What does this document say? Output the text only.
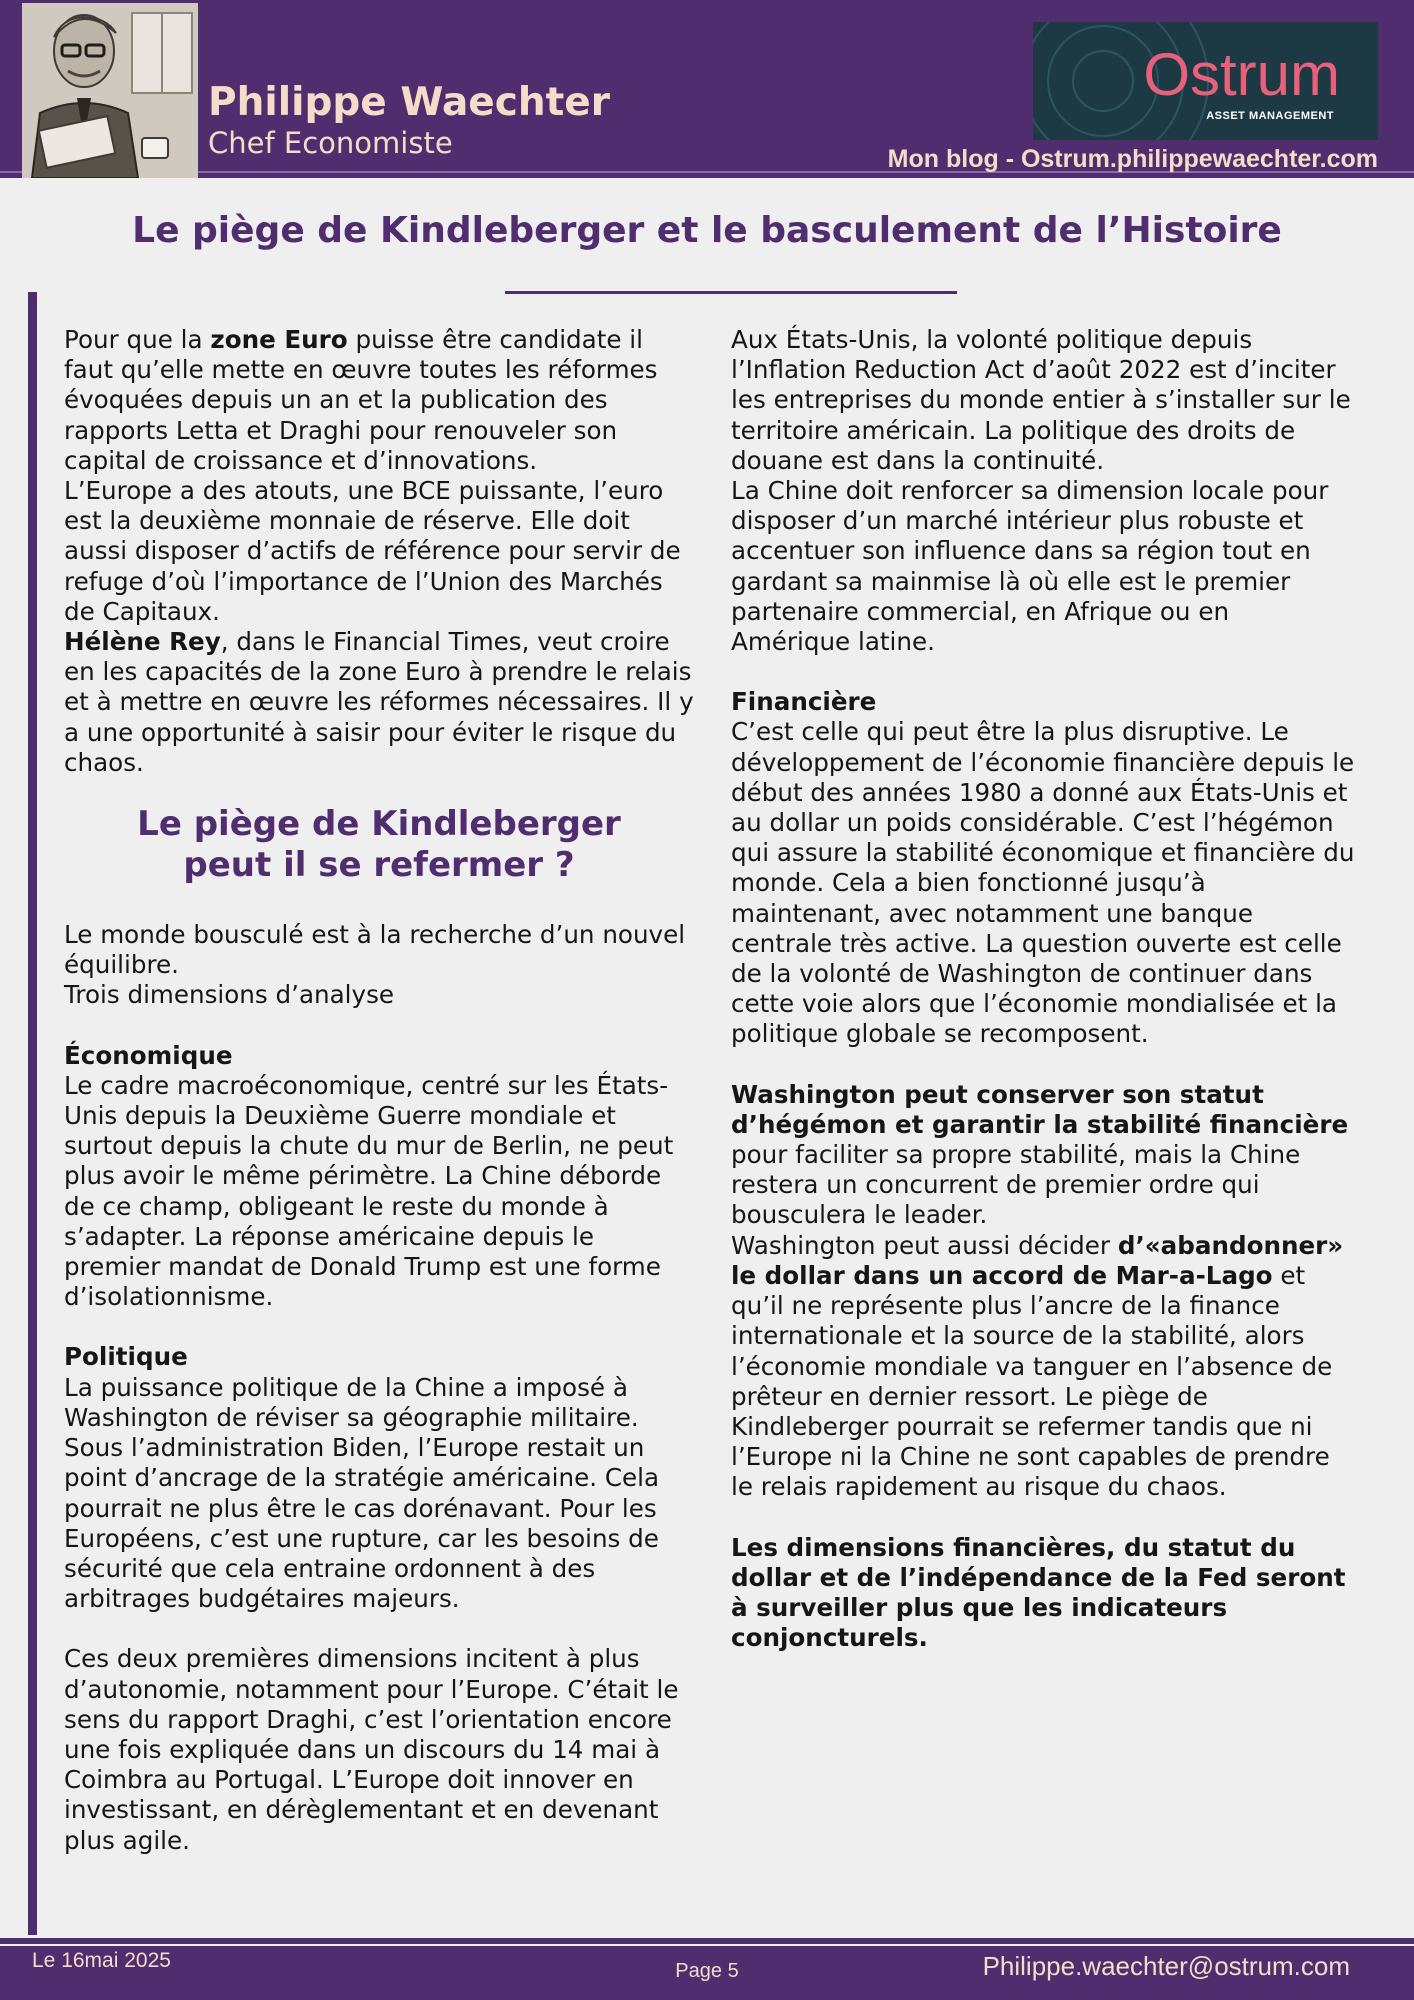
Philippe Waechter
Chef Economiste
Ostrum
ASSET MANAGEMENT
Mon blog - Ostrum.philippewaechter.com
Le piège de Kindleberger et le basculement de l’Histoire

Pour que la zone Euro puisse être candidate il faut qu’elle mette en œuvre toutes les réformes évoquées depuis un an et la publication des rapports Letta et Draghi pour renouveler son capital de croissance et d’innovations.

L’Europe a des atouts, une BCE puissante, l’euro est la deuxième monnaie de réserve. Elle doit aussi disposer d’actifs de référence pour servir de refuge d’où l’importance de l’Union des Marchés de Capitaux.

Hélène Rey, dans le Financial Times, veut croire en les capacités de la zone Euro à prendre le relais et à mettre en œuvre les réformes nécessaires. Il y a une opportunité à saisir pour éviter le risque du chaos.

Le piège de Kindleberger
peut il se refermer ?

Le monde bousculé est à la recherche d’un nouvel équilibre.

Trois dimensions d’analyse

Économique

Le cadre macroéconomique, centré sur les États-Unis depuis la Deuxième Guerre mondiale et surtout depuis la chute du mur de Berlin, ne peut plus avoir le même périmètre. La Chine déborde de ce champ, obligeant le reste du monde à s’adapter. La réponse américaine depuis le premier mandat de Donald Trump est une forme d’isolationnisme.

Politique

La puissance politique de la Chine a imposé à Washington de réviser sa géographie militaire. Sous l’administration Biden, l’Europe restait un point d’ancrage de la stratégie américaine. Cela pourrait ne plus être le cas dorénavant. Pour les Européens, c’est une rupture, car les besoins de sécurité que cela entraine ordonnent à des arbitrages budgétaires majeurs.

Ces deux premières dimensions incitent à plus d’autonomie, notamment pour l’Europe. C’était le sens du rapport Draghi, c’est l’orientation encore une fois expliquée dans un discours du 14 mai à Coimbra au Portugal. L’Europe doit innover en investissant, en dérèglementant et en devenant plus agile.

Aux États-Unis, la volonté politique depuis l’Inflation Reduction Act d’août 2022 est d’inciter les entreprises du monde entier à s’installer sur le territoire américain. La politique des droits de douane est dans la continuité.

La Chine doit renforcer sa dimension locale pour disposer d’un marché intérieur plus robuste et accentuer son influence dans sa région tout en gardant sa mainmise là où elle est le premier partenaire commercial, en Afrique ou en Amérique latine.

Financière

C’est celle qui peut être la plus disruptive. Le développement de l’économie financière depuis le début des années 1980 a donné aux États-Unis et au dollar un poids considérable. C’est l’hégémon qui assure la stabilité économique et financière du monde. Cela a bien fonctionné jusqu’à maintenant, avec notamment une banque centrale très active. La question ouverte est celle de la volonté de Washington de continuer dans cette voie alors que l’économie mondialisée et la politique globale se recomposent.

Washington peut conserver son statut d’hégémon et garantir la stabilité financière pour faciliter sa propre stabilité, mais la Chine restera un concurrent de premier ordre qui bousculera le leader.

Washington peut aussi décider d’«abandonner» le dollar dans un accord de Mar-a-Lago et qu’il ne représente plus l’ancre de la finance internationale et la source de la stabilité, alors l’économie mondiale va tanguer en l’absence de prêteur en dernier ressort. Le piège de Kindleberger pourrait se refermer tandis que ni l’Europe ni la Chine ne sont capables de prendre le relais rapidement au risque du chaos.

Les dimensions financières, du statut du dollar et de l’indépendance de la Fed seront à surveiller plus que les indicateurs conjoncturels.

Le 16mai 2025	Page 5	Philippe.waechter@ostrum.com
